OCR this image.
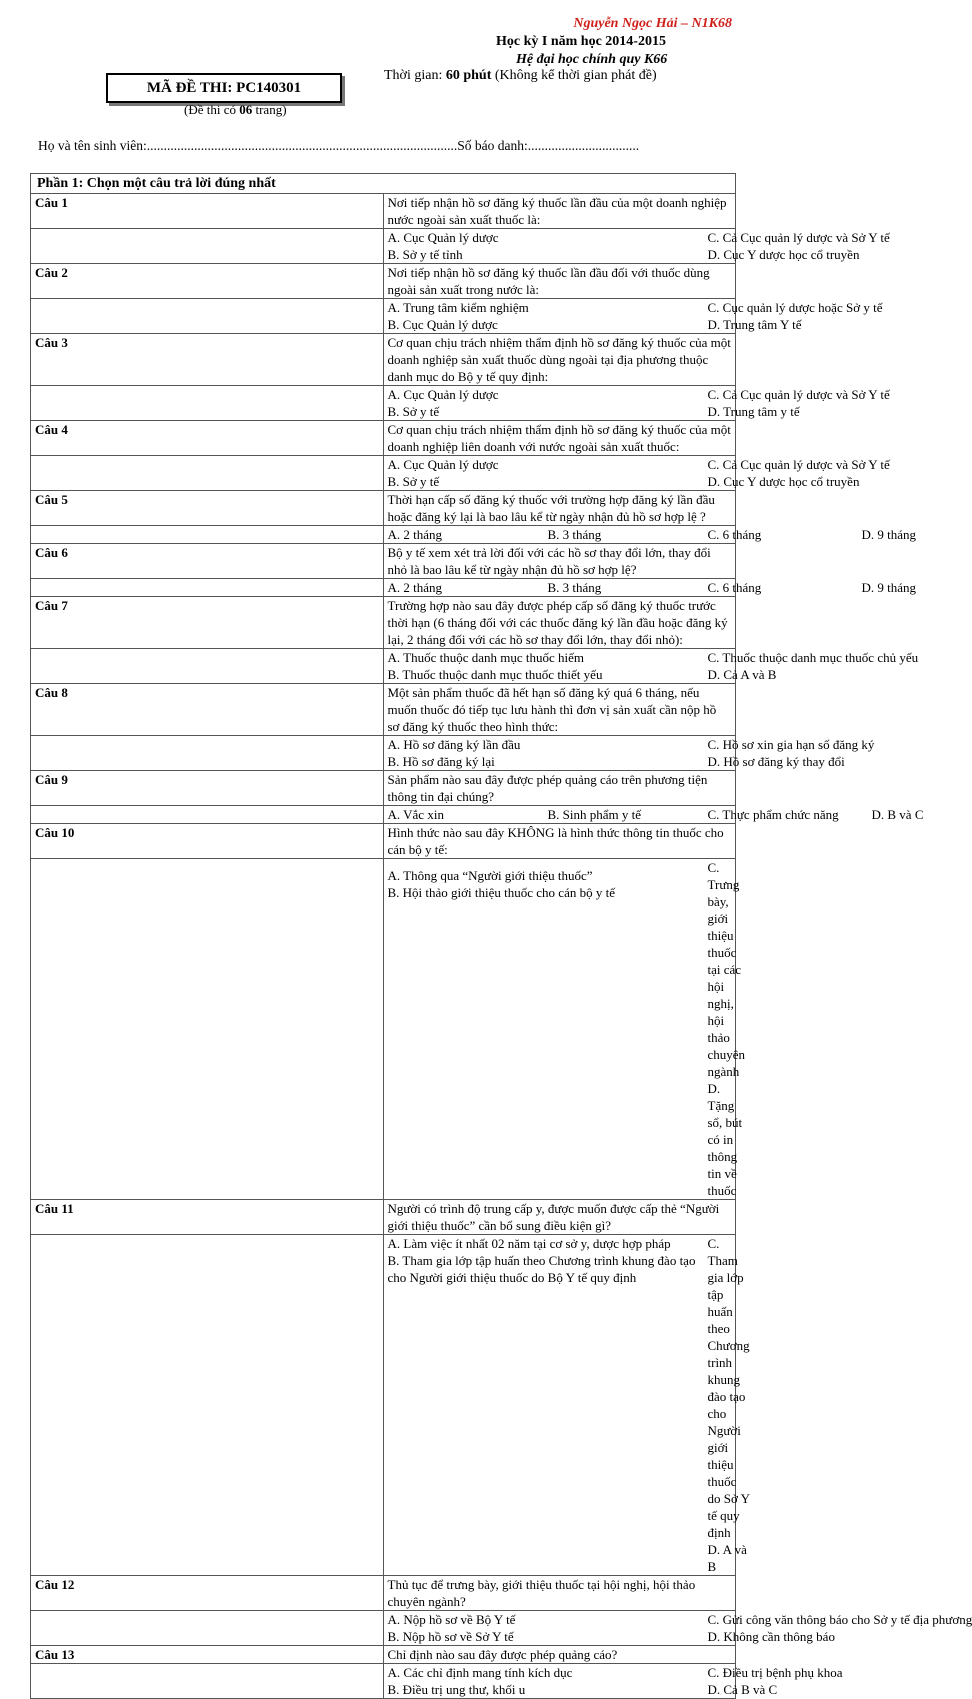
Nguyễn Ngọc Hải – N1K68
Học kỳ I năm học 2014-2015
Hệ đại học chính quy K66
Thời gian: 60 phút (Không kể thời gian phát đề)
MÃ ĐỀ THI: PC140301
(Đề thi có 06 trang)
Họ và tên sinh viên:............................................................................................Số báo danh:.................................
Phần 1: Chọn một câu trả lời đúng nhất	
Câu 1	Nơi tiếp nhận hồ sơ đăng ký thuốc lần đầu của một doanh nghiệp nước ngoài sản xuất thuốc là:

	A. Cục Quản lý dược C. Cả Cục quản lý dược và Sở Y tế
B. Sở y tế tỉnh D. Cục Y dược học cổ truyền

Câu 2	Nơi tiếp nhận hồ sơ đăng ký thuốc lần đầu đối với thuốc dùng ngoài sản xuất trong nước là:

	A. Trung tâm kiểm nghiệm C. Cục quản lý dược hoặc Sở y tế
B. Cục Quản lý dược D. Trung tâm Y tế

Câu 3	Cơ quan chịu trách nhiệm thẩm định hồ sơ đăng ký thuốc của một doanh nghiệp sản xuất thuốc dùng ngoài tại địa phương thuộc danh mục do Bộ y tế quy định:

	A. Cục Quản lý dược C. Cả Cục quản lý dược và Sở Y tế
B. Sở y tế D. Trung tâm y tế

Câu 4	Cơ quan chịu trách nhiệm thẩm định hồ sơ đăng ký thuốc của một doanh nghiệp liên doanh với nước ngoài sản xuất thuốc:

	A. Cục Quản lý dược C. Cả Cục quản lý dược và Sở Y tế
B. Sở y tế D. Cục Y dược học cổ truyền

Câu 5	Thời hạn cấp số đăng ký thuốc với trường hợp đăng ký lần đầu hoặc đăng ký lại là bao lâu kể từ ngày nhận đủ hồ sơ hợp lệ ?

	A. 2 tháng B. 3 tháng C. 6 tháng D. 9 tháng

Câu 6	Bộ y tế xem xét trả lời đối với các hồ sơ thay đổi lớn, thay đổi nhỏ là bao lâu kể từ ngày nhận đủ hồ sơ hợp lệ?

	A. 2 tháng B. 3 tháng C. 6 tháng D. 9 tháng

Câu 7	Trường hợp nào sau đây được phép cấp số đăng ký thuốc trước thời hạn (6 tháng đối với các thuốc đăng ký lần đầu hoặc đăng ký lại, 2 tháng đối với các hồ sơ thay đổi lớn, thay đổi nhỏ):

	A. Thuốc thuộc danh mục thuốc hiếm C. Thuốc thuộc danh mục thuốc chủ yếu
B. Thuốc thuộc danh mục thuốc thiết yếu D. Cả A và B

Câu 8	Một sản phẩm thuốc đã hết hạn số đăng ký quá 6 tháng, nếu muốn thuốc đó tiếp tục lưu hành thì đơn vị sản xuất cần nộp hồ sơ đăng ký thuốc theo hình thức:

	A. Hồ sơ đăng ký lần đầu C. Hồ sơ xin gia hạn số đăng ký
B. Hồ sơ đăng ký lại D. Hồ sơ đăng ký thay đổi

Câu 9	Sản phẩm nào sau đây được phép quảng cáo trên phương tiện thông tin đại chúng?

	A. Vắc xin B. Sinh phẩm y tế C. Thực phẩm chức năng D. B và C

Câu 10	Hình thức nào sau đây KHÔNG là hình thức thông tin thuốc cho cán bộ y tế:

	A. Thông qua “Người giới thiệu thuốc”
B. Hội thảo giới thiệu thuốc cho cán bộ y tế
C. Trưng bày, giới thiệu thuốc tại các hội nghị, hội thảo chuyên ngành
D. Tặng sổ, bút có in thông tin về thuốc

Câu 11	Người có trình độ trung cấp y, được muốn được cấp thẻ “Người giới thiệu thuốc” cần bổ sung điều kiện gì?

	A. Làm việc ít nhất 02 năm tại cơ sở y, dược hợp pháp
B. Tham gia lớp tập huấn theo Chương trình khung đào tạo cho Người giới thiệu thuốc do Bộ Y tế quy định
C. Tham gia lớp tập huấn theo Chương trình khung đào tạo cho Người giới thiệu thuốc do Sở Y tế quy định
D. A và B

Câu 12	Thủ tục để trưng bày, giới thiệu thuốc tại hội nghị, hội thảo chuyên ngành?

	A. Nộp hồ sơ về Bộ Y tế C. Gửi công văn thông báo cho Sở y tế địa phương
B. Nộp hồ sơ về Sở Y tế D. Không cần thông báo

Câu 13	Chỉ định nào sau đây được phép quảng cáo?

	A. Các chỉ định mang tính kích dục C. Điều trị bệnh phụ khoa
B. Điều trị ung thư, khối u D. Cả B và C
